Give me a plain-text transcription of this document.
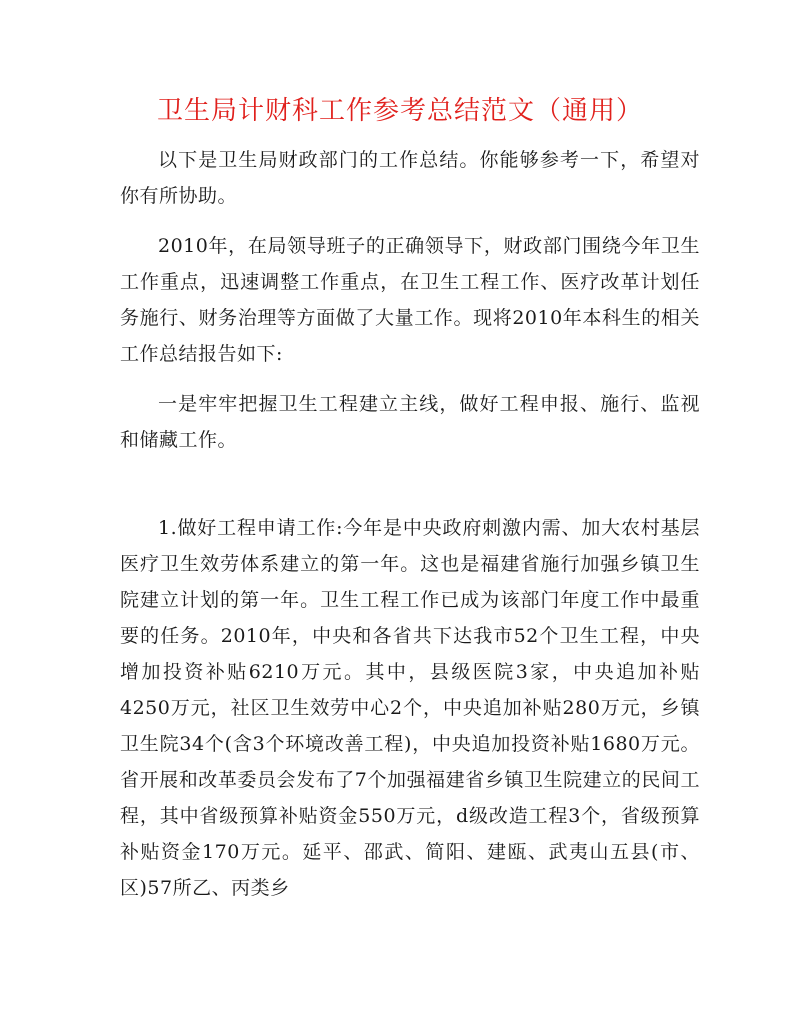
卫生局计财科工作参考总结范文（通用）

以下是卫生局财政部门的工作总结。你能够参考一下，希望对你有所协助。

2010年，在局领导班子的正确领导下，财政部门围绕今年卫生工作重点，迅速调整工作重点，在卫生工程工作、医疗改革计划任务施行、财务治理等方面做了大量工作。现将2010年本科生的相关工作总结报告如下:

一是牢牢把握卫生工程建立主线，做好工程申报、施行、监视和储藏工作。

1.做好工程申请工作:今年是中央政府刺激内需、加大农村基层医疗卫生效劳体系建立的第一年。这也是福建省施行加强乡镇卫生院建立计划的第一年。卫生工程工作已成为该部门年度工作中最重要的任务。2010年，中央和各省共下达我市52个卫生工程，中央增加投资补贴6210万元。其中，县级医院3家，中央追加补贴4250万元，社区卫生效劳中心2个，中央追加补贴280万元，乡镇卫生院34个(含3个环境改善工程)，中央追加投资补贴1680万元。省开展和改革委员会发布了7个加强福建省乡镇卫生院建立的民间工程，其中省级预算补贴资金550万元，d级改造工程3个，省级预算补贴资金170万元。延平、邵武、简阳、建瓯、武夷山五县(市、区)57所乙、丙类乡
